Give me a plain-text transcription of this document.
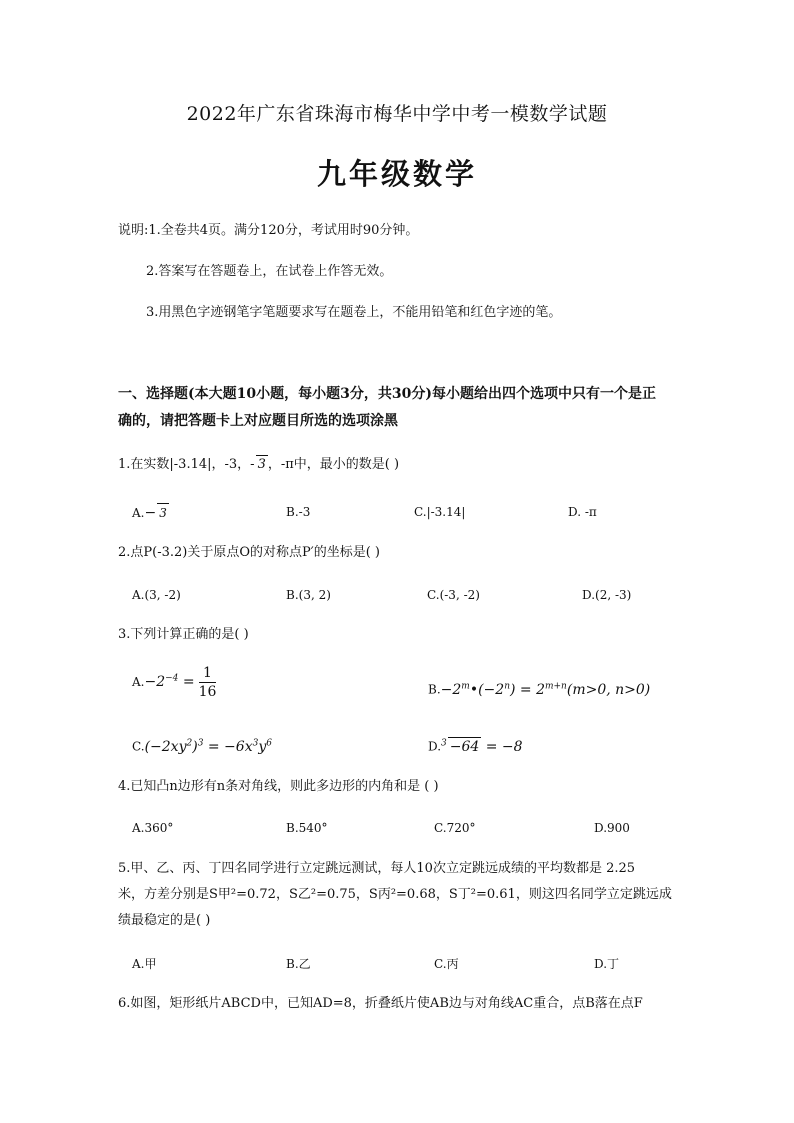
2022年广东省珠海市梅华中学中考一模数学试题
九年级数学
说明:1.全卷共4页。满分120分，考试用时90分钟。
2.答案写在答题卷上，在试卷上作答无效。
3.用黑色字迹钢笔字笔题要求写在题卷上，不能用铅笔和红色字迹的笔。
一、选择题(本大题10小题，每小题3分，共30分)每小题给出四个选项中只有一个是正
确的，请把答题卡上对应题目所选的选项涂黑
1.在实数|-3.14|，-3，- 3 ，-π中，最小的数是( )
A.− 3	B.-3	C.|-3.14|	D. -π
2.点P(-3.2)关于原点O的对称点P′的坐标是( )
A.(3, -2)	B.(3, 2)	C.(-3, -2)	D.(2, -3)
3.下列计算正确的是( )
$A.-2^{-4} = \frac{1}{16}$	$B.-2^m•(-2^n) = 2^{m+n}(m>0$, n>0)
$C.(-2xy^2)^3 = -6x^3y^6$	D.$^3$ −64 = −8
4.已知凸n边形有n条对角线，则此多边形的内角和是 ( )
A.360°	B.540°	C.720°	D.900
5.甲、乙、丙、丁四名同学进行立定跳远测试，每人10次立定跳远成绩的平均数都是 2.25
米，方差分别是S甲²=0.72，S乙²=0.75，S丙²=0.68，S丁²=0.61，则这四名同学立定跳远成
绩最稳定的是( )
A.甲	B.乙	C.丙	D.丁
6.如图，矩形纸片ABCD中，已知AD=8，折叠纸片使AB边与对角线AC重合，点B落在点F
